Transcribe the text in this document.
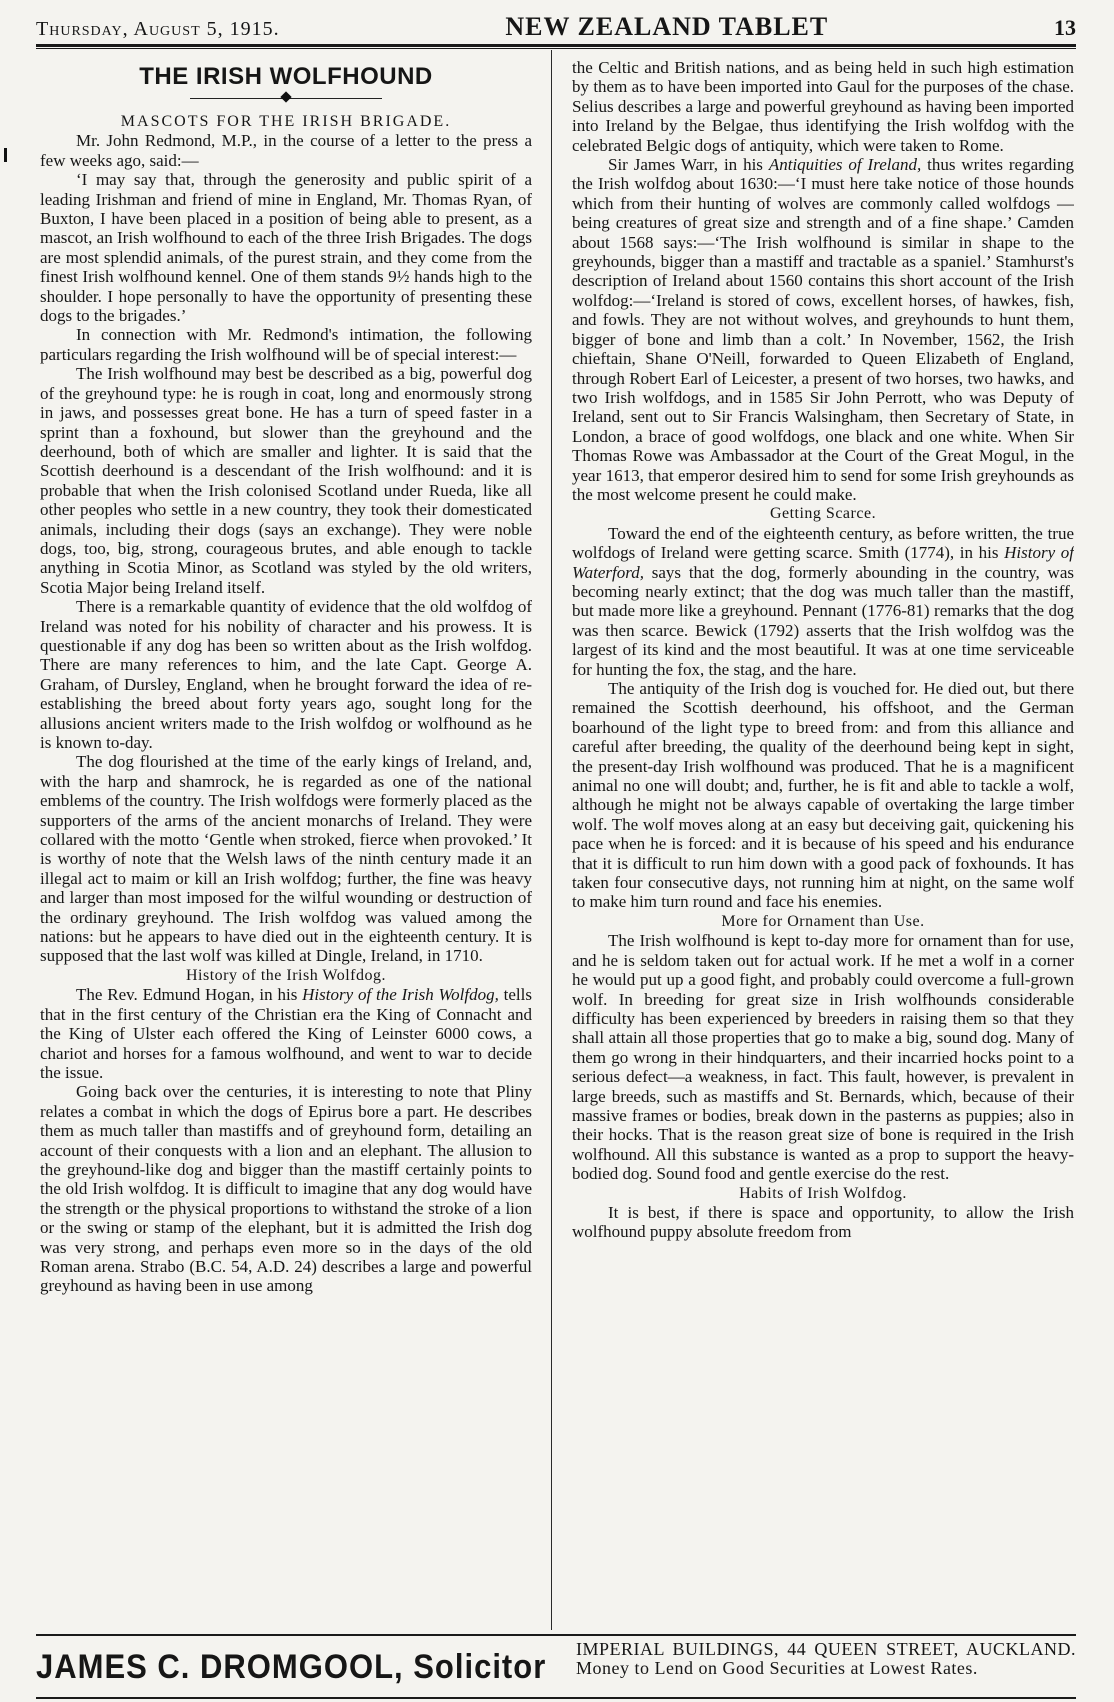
Thursday, August 5, 1915.	NEW ZEALAND TABLET	13
THE IRISH WOLFHOUND

MASCOTS FOR THE IRISH BRIGADE.

Mr. John Redmond, M.P., in the course of a letter to the press a few weeks ago, said:—

‘I may say that, through the generosity and public spirit of a leading Irishman and friend of mine in England, Mr. Thomas Ryan, of Buxton, I have been placed in a position of being able to present, as a mascot, an Irish wolfhound to each of the three Irish Brigades. The dogs are most splendid animals, of the purest strain, and they come from the finest Irish wolfhound kennel. One of them stands 9½ hands high to the shoulder. I hope personally to have the opportunity of presenting these dogs to the brigades.’

In connection with Mr. Redmond's intimation, the following particulars regarding the Irish wolfhound will be of special interest:—

The Irish wolfhound may best be described as a big, powerful dog of the greyhound type: he is rough in coat, long and enormously strong in jaws, and possesses great bone. He has a turn of speed faster in a sprint than a foxhound, but slower than the greyhound and the deerhound, both of which are smaller and lighter. It is said that the Scottish deerhound is a descendant of the Irish wolfhound: and it is probable that when the Irish colonised Scotland under Rueda, like all other peoples who settle in a new country, they took their domesticated animals, including their dogs (says an exchange). They were noble dogs, too, big, strong, courageous brutes, and able enough to tackle anything in Scotia Minor, as Scotland was styled by the old writers, Scotia Major being Ireland itself.

There is a remarkable quantity of evidence that the old wolfdog of Ireland was noted for his nobility of character and his prowess. It is questionable if any dog has been so written about as the Irish wolfdog. There are many references to him, and the late Capt. George A. Graham, of Dursley, England, when he brought forward the idea of re-establishing the breed about forty years ago, sought long for the allusions ancient writers made to the Irish wolfdog or wolfhound as he is known to-day.

The dog flourished at the time of the early kings of Ireland, and, with the harp and shamrock, he is regarded as one of the national emblems of the country. The Irish wolfdogs were formerly placed as the supporters of the arms of the ancient monarchs of Ireland. They were collared with the motto ‘Gentle when stroked, fierce when provoked.’ It is worthy of note that the Welsh laws of the ninth century made it an illegal act to maim or kill an Irish wolfdog; further, the fine was heavy and larger than most imposed for the wilful wounding or destruction of the ordinary greyhound. The Irish wolfdog was valued among the nations: but he appears to have died out in the eighteenth century. It is supposed that the last wolf was killed at Dingle, Ireland, in 1710.

History of the Irish Wolfdog.

The Rev. Edmund Hogan, in his History of the Irish Wolfdog, tells that in the first century of the Christian era the King of Connacht and the King of Ulster each offered the King of Leinster 6000 cows, a chariot and horses for a famous wolfhound, and went to war to decide the issue.

Going back over the centuries, it is interesting to note that Pliny relates a combat in which the dogs of Epirus bore a part. He describes them as much taller than mastiffs and of greyhound form, detailing an account of their conquests with a lion and an elephant. The allusion to the greyhound-like dog and bigger than the mastiff certainly points to the old Irish wolfdog. It is difficult to imagine that any dog would have the strength or the physical proportions to withstand the stroke of a lion or the swing or stamp of the elephant, but it is admitted the Irish dog was very strong, and perhaps even more so in the days of the old Roman arena. Strabo (B.C. 54, A.D. 24) describes a large and powerful greyhound as having been in use among

the Celtic and British nations, and as being held in such high estimation by them as to have been imported into Gaul for the purposes of the chase. Selius describes a large and powerful greyhound as having been imported into Ireland by the Belgae, thus identifying the Irish wolfdog with the celebrated Belgic dogs of antiquity, which were taken to Rome.

Sir James Warr, in his Antiquities of Ireland, thus writes regarding the Irish wolfdog about 1630:—‘I must here take notice of those hounds which from their hunting of wolves are commonly called wolfdogs —being creatures of great size and strength and of a fine shape.’ Camden about 1568 says:—‘The Irish wolfhound is similar in shape to the greyhounds, bigger than a mastiff and tractable as a spaniel.’ Stamhurst's description of Ireland about 1560 contains this short account of the Irish wolfdog:—‘Ireland is stored of cows, excellent horses, of hawkes, fish, and fowls. They are not without wolves, and greyhounds to hunt them, bigger of bone and limb than a colt.’ In November, 1562, the Irish chieftain, Shane O'Neill, forwarded to Queen Elizabeth of England, through Robert Earl of Leicester, a present of two horses, two hawks, and two Irish wolfdogs, and in 1585 Sir John Perrott, who was Deputy of Ireland, sent out to Sir Francis Walsingham, then Secretary of State, in London, a brace of good wolfdogs, one black and one white. When Sir Thomas Rowe was Ambassador at the Court of the Great Mogul, in the year 1613, that emperor desired him to send for some Irish greyhounds as the most welcome present he could make.

Getting Scarce.

Toward the end of the eighteenth century, as before written, the true wolfdogs of Ireland were getting scarce. Smith (1774), in his History of Waterford, says that the dog, formerly abounding in the country, was becoming nearly extinct; that the dog was much taller than the mastiff, but made more like a greyhound. Pennant (1776-81) remarks that the dog was then scarce. Bewick (1792) asserts that the Irish wolfdog was the largest of its kind and the most beautiful. It was at one time serviceable for hunting the fox, the stag, and the hare.

The antiquity of the Irish dog is vouched for. He died out, but there remained the Scottish deerhound, his offshoot, and the German boarhound of the light type to breed from: and from this alliance and careful after breeding, the quality of the deerhound being kept in sight, the present-day Irish wolfhound was produced. That he is a magnificent animal no one will doubt; and, further, he is fit and able to tackle a wolf, although he might not be always capable of overtaking the large timber wolf. The wolf moves along at an easy but deceiving gait, quickening his pace when he is forced: and it is because of his speed and his endurance that it is difficult to run him down with a good pack of foxhounds. It has taken four consecutive days, not running him at night, on the same wolf to make him turn round and face his enemies.

More for Ornament than Use.

The Irish wolfhound is kept to-day more for ornament than for use, and he is seldom taken out for actual work. If he met a wolf in a corner he would put up a good fight, and probably could overcome a full-grown wolf. In breeding for great size in Irish wolfhounds considerable difficulty has been experienced by breeders in raising them so that they shall attain all those properties that go to make a big, sound dog. Many of them go wrong in their hindquarters, and their incarried hocks point to a serious defect—a weakness, in fact. This fault, however, is prevalent in large breeds, such as mastiffs and St. Bernards, which, because of their massive frames or bodies, break down in the pasterns as puppies; also in their hocks. That is the reason great size of bone is required in the Irish wolfhound. All this substance is wanted as a prop to support the heavy-bodied dog. Sound food and gentle exercise do the rest.

Habits of Irish Wolfdog.

It is best, if there is space and opportunity, to allow the Irish wolfhound puppy absolute freedom from

JAMES C. DROMGOOL, Solicitor	IMPERIAL BUILDINGS, 44 QUEEN STREET, AUCKLAND. Money to Lend on Good Securities at Lowest Rates.
